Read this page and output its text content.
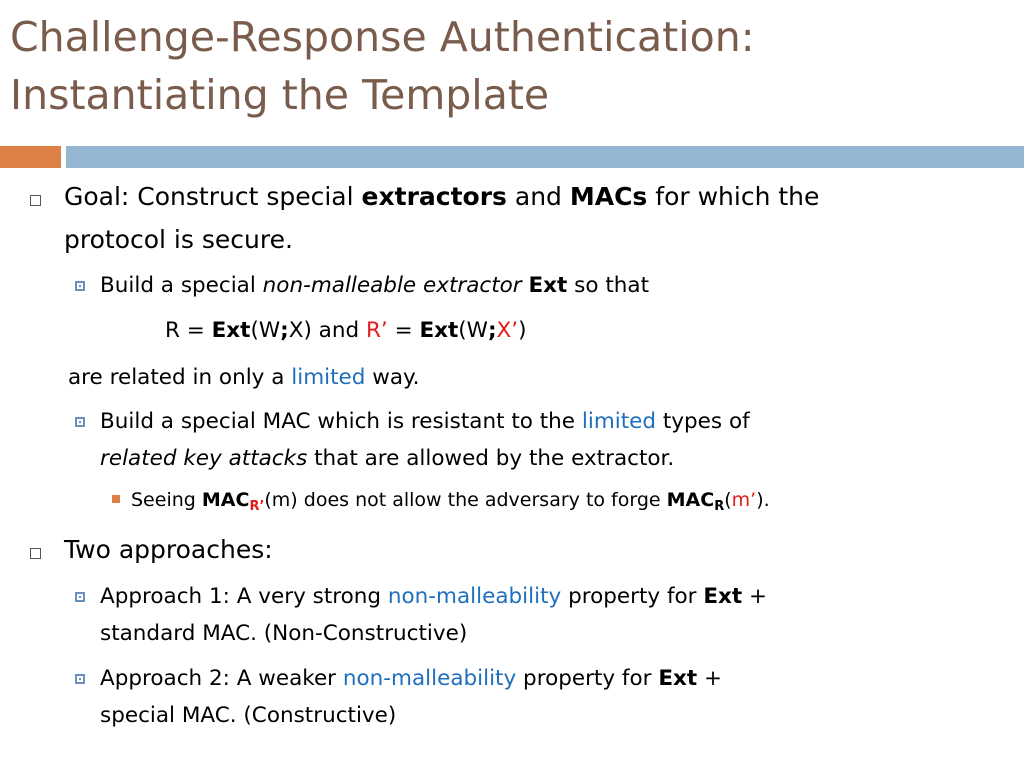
Challenge-Response Authentication:
Instantiating the Template
Goal: Construct special extractors and MACs for which the
protocol is secure.
Build a special non-malleable extractor Ext so that
R = Ext(W;X) and R’ = Ext(W;X’)
are related in only a limited way.
Build a special MAC which is resistant to the limited types of
related key attacks that are allowed by the extractor.
Seeing $MAC_{R’}(m)$ does not allow the adversary to forge $MAC_R(m’)$.
Two approaches:
Approach 1: A very strong non-malleability property for Ext +
standard MAC. (Non-Constructive)
Approach 2: A weaker non-malleability property for Ext +
special MAC. (Constructive)
